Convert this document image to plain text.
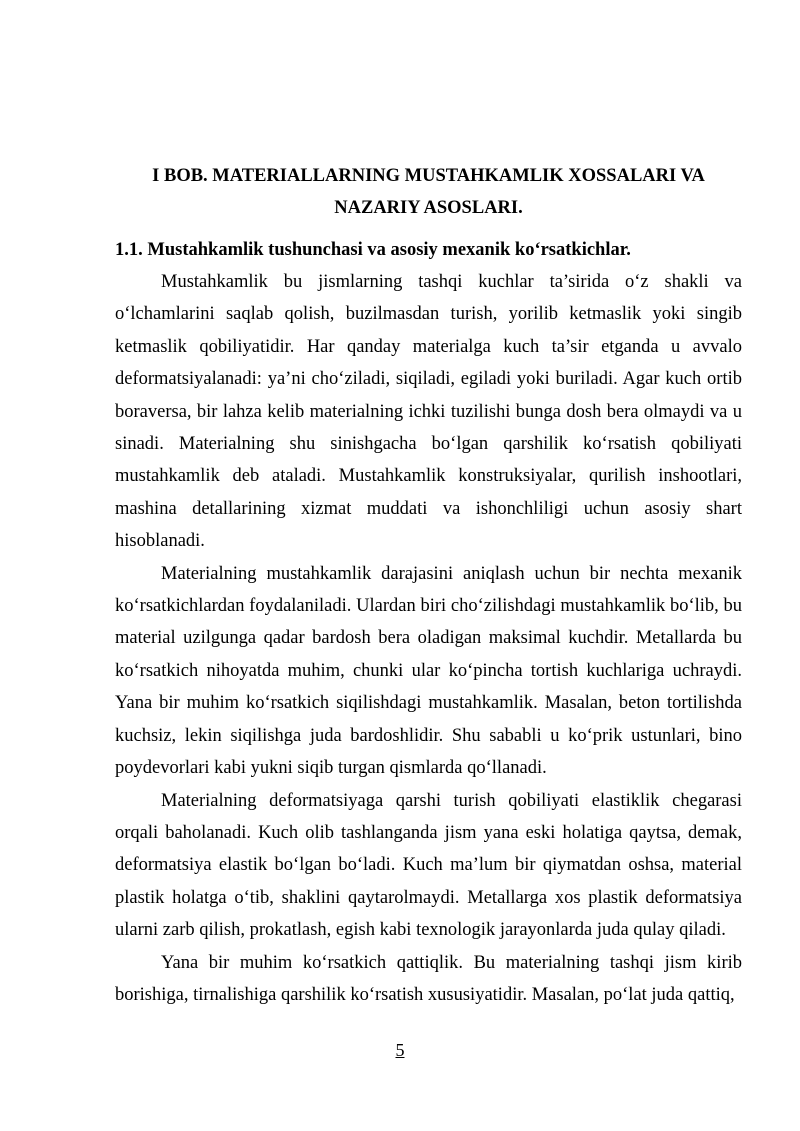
I BOB. MATERIALLARNING MUSTAHKAMLIK XOSSALARI VA NAZARIY ASOSLARI.
1.1. Mustahkamlik tushunchasi va asosiy mexanik ko‘rsatkichlar.

Mustahkamlik bu jismlarning tashqi kuchlar ta’sirida o‘z shakli va o‘lchamlarini saqlab qolish, buzilmasdan turish, yorilib ketmaslik yoki singib ketmaslik qobiliyatidir. Har qanday materialga kuch ta’sir etganda u avvalo deformatsiyalanadi: ya’ni cho‘ziladi, siqiladi, egiladi yoki buriladi. Agar kuch ortib boraversa, bir lahza kelib materialning ichki tuzilishi bunga dosh bera olmaydi va u sinadi. Materialning shu sinishgacha bo‘lgan qarshilik ko‘rsatish qobiliyati mustahkamlik deb ataladi. Mustahkamlik konstruksiyalar, qurilish inshootlari, mashina detallarining xizmat muddati va ishonchliligi uchun asosiy shart hisoblanadi.

Materialning mustahkamlik darajasini aniqlash uchun bir nechta mexanik ko‘rsatkichlardan foydalaniladi. Ulardan biri cho‘zilishdagi mustahkamlik bo‘lib, bu material uzilgunga qadar bardosh bera oladigan maksimal kuchdir. Metallarda bu ko‘rsatkich nihoyatda muhim, chunki ular ko‘pincha tortish kuchlariga uchraydi. Yana bir muhim ko‘rsatkich siqilishdagi mustahkamlik. Masalan, beton tortilishda kuchsiz, lekin siqilishga juda bardoshlidir. Shu sababli u ko‘prik ustunlari, bino poydevorlari kabi yukni siqib turgan qismlarda qo‘llanadi.

Materialning deformatsiyaga qarshi turish qobiliyati elastiklik chegarasi orqali baholanadi. Kuch olib tashlanganda jism yana eski holatiga qaytsa, demak, deformatsiya elastik bo‘lgan bo‘ladi. Kuch ma’lum bir qiymatdan oshsa, material plastik holatga o‘tib, shaklini qaytarolmaydi. Metallarga xos plastik deformatsiya ularni zarb qilish, prokatlash, egish kabi texnologik jarayonlarda juda qulay qiladi.

Yana bir muhim ko‘rsatkich qattiqlik. Bu materialning tashqi jism kirib borishiga, tirnalishiga qarshilik ko‘rsatish xususiyatidir. Masalan, po‘lat juda qattiq,

5
